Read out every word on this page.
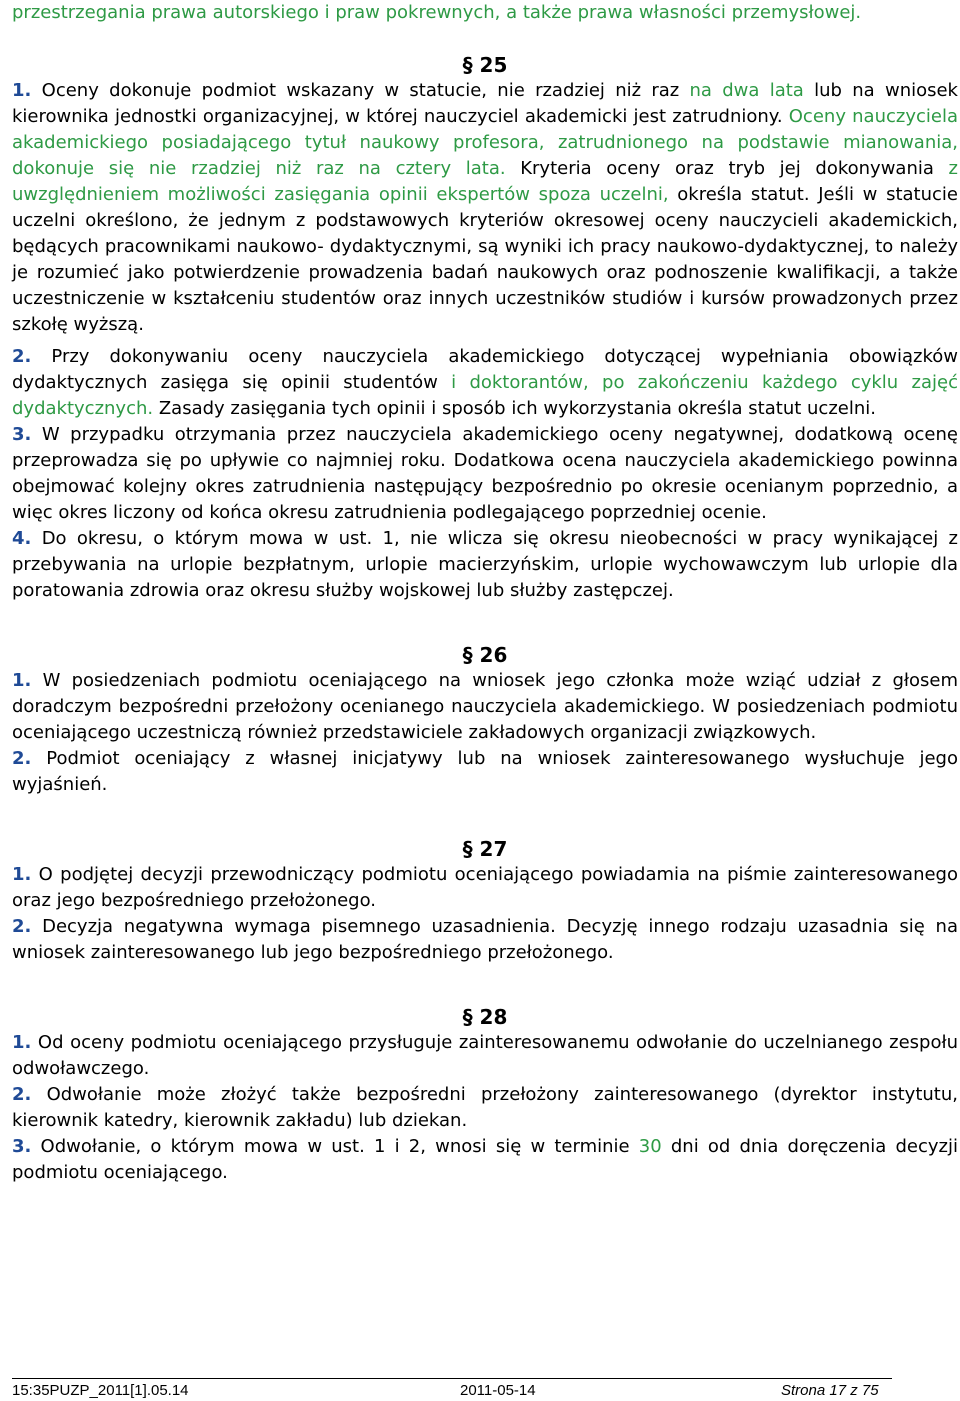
przestrzegania prawa autorskiego i praw pokrewnych, a także prawa własności przemysłowej.

§ 25

1. Oceny dokonuje podmiot wskazany w statucie, nie rzadziej niż raz na dwa lata lub na wniosek kierownika jednostki organizacyjnej, w której nauczyciel akademicki jest zatrudniony. Oceny nauczyciela akademickiego posiadającego tytuł naukowy profesora, zatrudnionego na podstawie mianowania, dokonuje się nie rzadziej niż raz na cztery lata. Kryteria oceny oraz tryb jej dokonywania z uwzględnieniem możliwości zasięgania opinii ekspertów spoza uczelni, określa statut. Jeśli w statucie uczelni określono, że jednym z podstawowych kryteriów okresowej oceny nauczycieli akademickich, będących pracownikami naukowo- dydaktycznymi, są wyniki ich pracy naukowo-dydaktycznej, to należy je rozumieć jako potwierdzenie prowadzenia badań naukowych oraz podnoszenie kwalifikacji, a także uczestniczenie w kształceniu studentów oraz innych uczestników studiów i kursów prowadzonych przez szkołę wyższą.

2. Przy dokonywaniu oceny nauczyciela akademickiego dotyczącej wypełniania obowiązków dydaktycznych zasięga się opinii studentów i doktorantów, po zakończeniu każdego cyklu zajęć dydaktycznych. Zasady zasięgania tych opinii i sposób ich wykorzystania określa statut uczelni.

3. W przypadku otrzymania przez nauczyciela akademickiego oceny negatywnej, dodatkową ocenę przeprowadza się po upływie co najmniej roku. Dodatkowa ocena nauczyciela akademickiego powinna obejmować kolejny okres zatrudnienia następujący bezpośrednio po okresie ocenianym poprzednio, a więc okres liczony od końca okresu zatrudnienia podlegającego poprzedniej ocenie.

4. Do okresu, o którym mowa w ust. 1, nie wlicza się okresu nieobecności w pracy wynikającej z przebywania na urlopie bezpłatnym, urlopie macierzyńskim, urlopie wychowawczym lub urlopie dla poratowania zdrowia oraz okresu służby wojskowej lub służby zastępczej.

§ 26

1. W posiedzeniach podmiotu oceniającego na wniosek jego członka może wziąć udział z głosem doradczym bezpośredni przełożony ocenianego nauczyciela akademickiego. W posiedzeniach podmiotu oceniającego uczestniczą również przedstawiciele zakładowych organizacji związkowych.

2. Podmiot oceniający z własnej inicjatywy lub na wniosek zainteresowanego wysłuchuje jego wyjaśnień.

§ 27

1. O podjętej decyzji przewodniczący podmiotu oceniającego powiadamia na piśmie zainteresowanego oraz jego bezpośredniego przełożonego.

2. Decyzja negatywna wymaga pisemnego uzasadnienia. Decyzję innego rodzaju uzasadnia się na wniosek zainteresowanego lub jego bezpośredniego przełożonego.

§ 28

1. Od oceny podmiotu oceniającego przysługuje zainteresowanemu odwołanie do uczelnianego zespołu odwoławczego.

2. Odwołanie może złożyć także bezpośredni przełożony zainteresowanego (dyrektor instytutu, kierownik katedry, kierownik zakładu) lub dziekan.

3. Odwołanie, o którym mowa w ust. 1 i 2, wnosi się w terminie 30 dni od dnia doręczenia decyzji podmiotu oceniającego.

15:35PUZP_2011[1].05.14	2011-05-14	Strona 17 z 75
